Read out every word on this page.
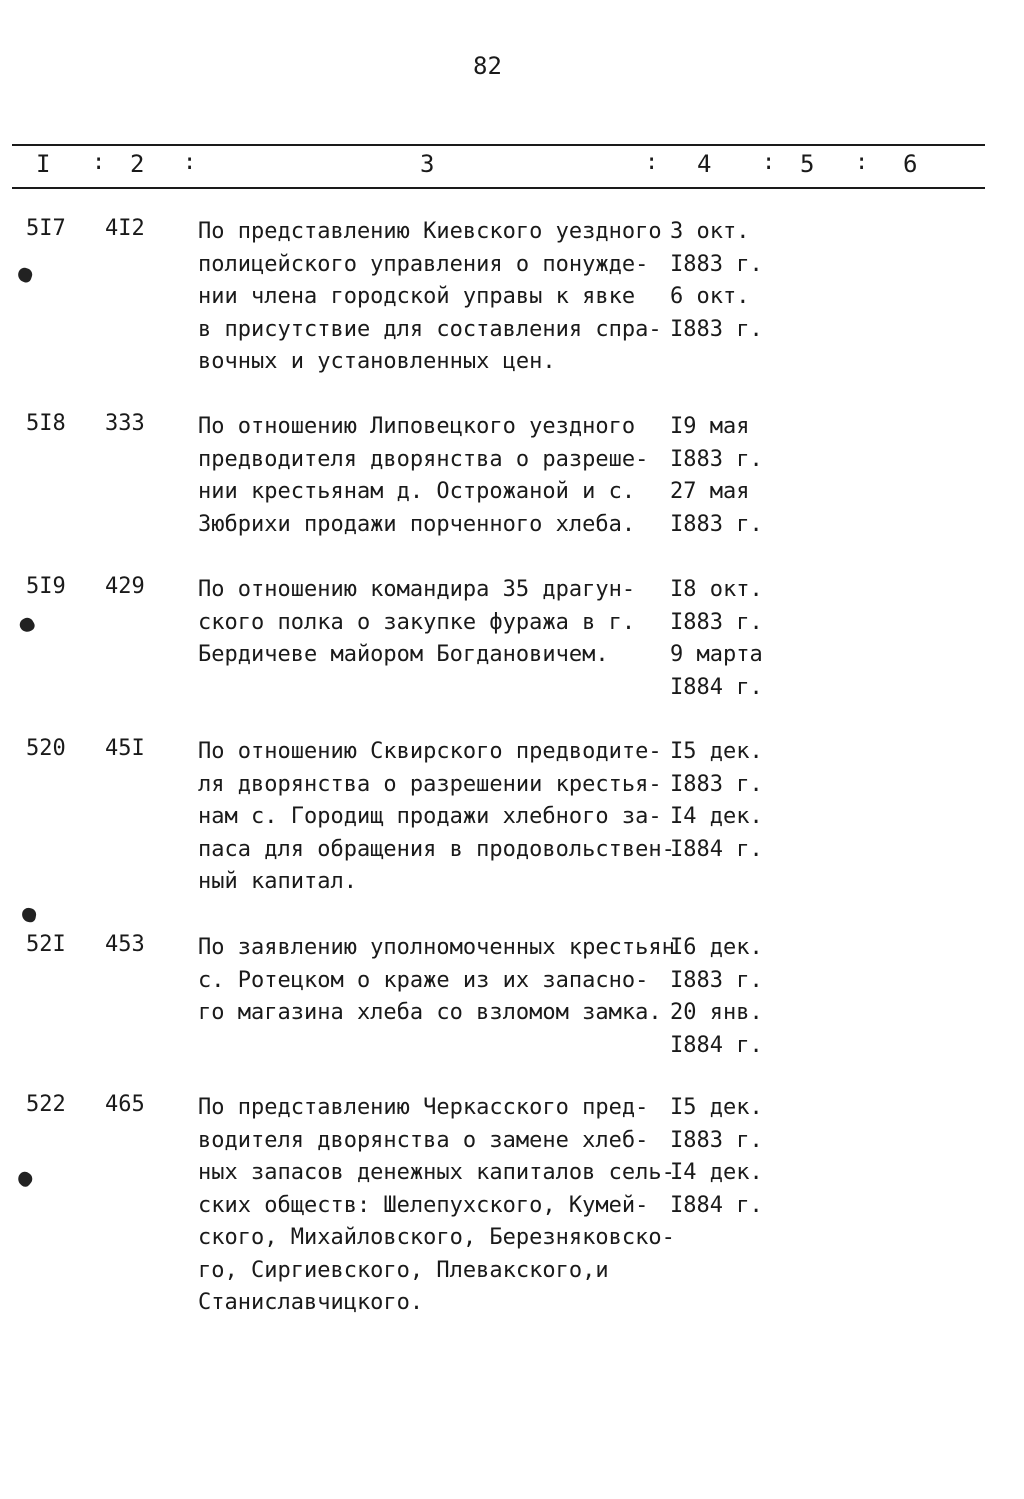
82
I : 2 :	3	: 4 : 5 : 6
5I7 4I2 По представлению Киевского уездного
полицейского управления о понужде-
нии члена городской управы к явке
в присутствие для составления спра-
вочных и установленных цен.
3 окт.
I883 г.
6 окт.
I883 г.
5I8 333 По отношению Липовецкого уездного
предводителя дворянства о разреше-
нии крестьянам д. Острожаной и с.
Зюбрихи продажи порченного хлеба.
I9 мая
I883 г.
27 мая
I883 г.
5I9 429 По отношению командира 35 драгун-
ского полка о закупке фуража в г.
Бердичеве майором Богдановичем.
I8 окт.
I883 г.
9 марта
I884 г.
520 45I По отношению Сквирского предводите-
ля дворянства о разрешении крестья-
нам с. Городищ продажи хлебного за-
паса для обращения в продовольствен-
ный капитал.
I5 дек.
I883 г.
I4 дек.
I884 г.
52I 453 По заявлению уполномоченных крестьян
с. Ротецком о краже из их запасно-
го магазина хлеба со взломом замка.
I6 дек.
I883 г.
20 янв.
I884 г.
522 465 По представлению Черкасского пред-
водителя дворянства о замене хлеб-
ных запасов денежных капиталов сель-
ских обществ: Шелепухского, Кумей-
ского, Михайловского, Березняковско-
го, Сиргиевского, Плевакского,и
Станиславчицкого.
I5 дек.
I883 г.
I4 дек.
I884 г.
